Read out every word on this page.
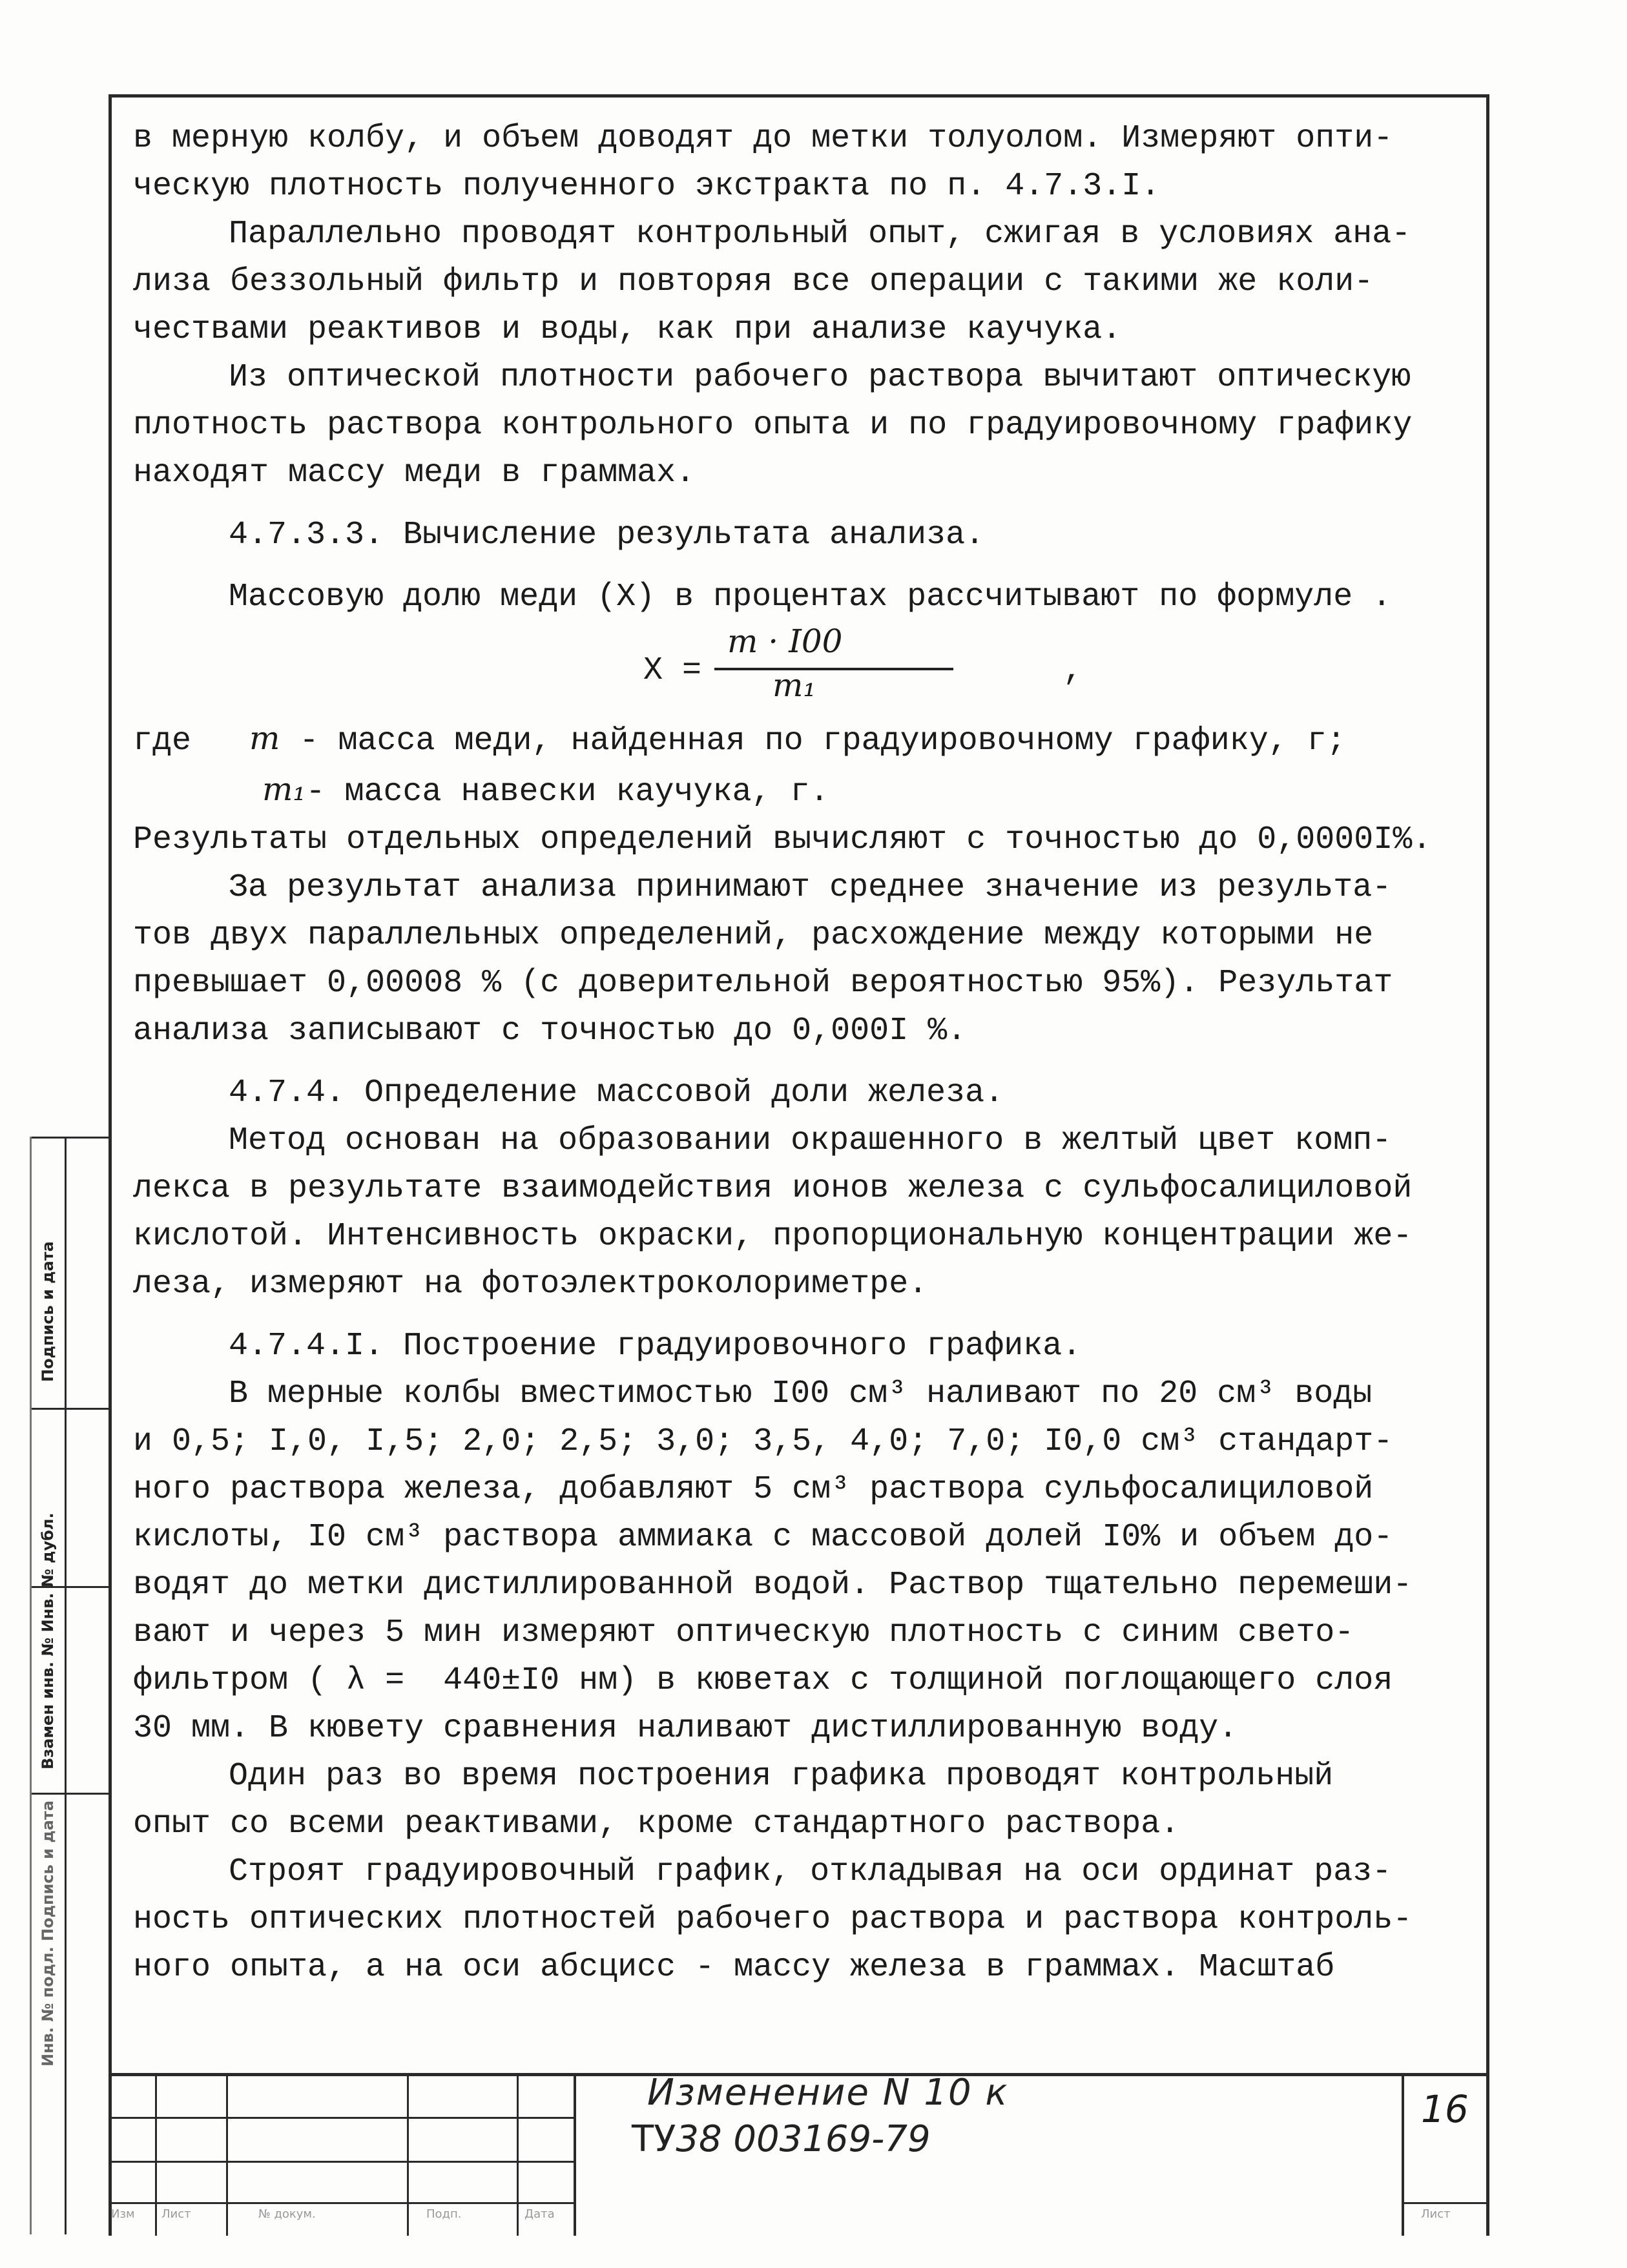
в мерную колбу, и объем доводят до метки толуолом. Измеряют опти-
ческую плотность полученного экстракта по п. 4.7.3.I.

Параллельно проводят контрольный опыт, сжигая в условиях ана-
лиза беззольный фильтр и повторяя все операции с такими же коли-
чествами реактивов и воды, как при анализе каучука.

Из оптической плотности рабочего раствора вычитают оптическую
плотность раствора контрольного опыта и по градуировочному графику
находят массу меди в граммах.

4.7.3.3. Вычисление результата анализа.

Массовую долю меди (X) в процентах рассчитывают по формуле .

X =
m · I00
m₁	,

где m - масса меди, найденная по градуировочному графику, г;

m₁- масса навески каучука, г.

Результаты отдельных определений вычисляют с точностью до 0,0000I%.

За результат анализа принимают среднее значение из результа-
тов двух параллельных определений, расхождение между которыми не
превышает 0,00008 % (с доверительной вероятностью 95%). Результат
анализа записывают с точностью до 0,000I %.

4.7.4. Определение массовой доли железа.

Метод основан на образовании окрашенного в желтый цвет комп-
лекса в результате взаимодействия ионов железа с сульфосалициловой
кислотой. Интенсивность окраски, пропорциональную концентрации же-
леза, измеряют на фотоэлектроколориметре.

4.7.4.I. Построение градуировочного графика.

В мерные колбы вместимостью I00 см³ наливают по 20 см³ воды
и 0,5; I,0, I,5; 2,0; 2,5; 3,0; 3,5, 4,0; 7,0; I0,0 см³ стандарт-
ного раствора железа, добавляют 5 см³ раствора сульфосалициловой
кислоты, I0 см³ раствора аммиака с массовой долей I0% и объем до-
водят до метки дистиллированной водой. Раствор тщательно перемеши-
вают и через 5 мин измеряют оптическую плотность с синим свето-
фильтром ( λ =  440±I0 нм) в кюветах с толщиной поглощающего слоя
30 мм. В кювету сравнения наливают дистиллированную воду.

Один раз во время построения графика проводят контрольный
опыт со всеми реактивами, кроме стандартного раствора.

Строят градуировочный график, откладывая на оси ординат раз-
ность оптических плотностей рабочего раствора и раствора контроль-
ного опыта, а на оси абсцисс - массу железа в граммах. Масштаб

Изменение N 10 к
ТУ38 003169-79
16
Изм Лист	№ докум.	Подп.	Дата	Лист
Подпись и дата
Взамен инв. № Инв. № дубл.
Инв. № подл. Подпись и дата
